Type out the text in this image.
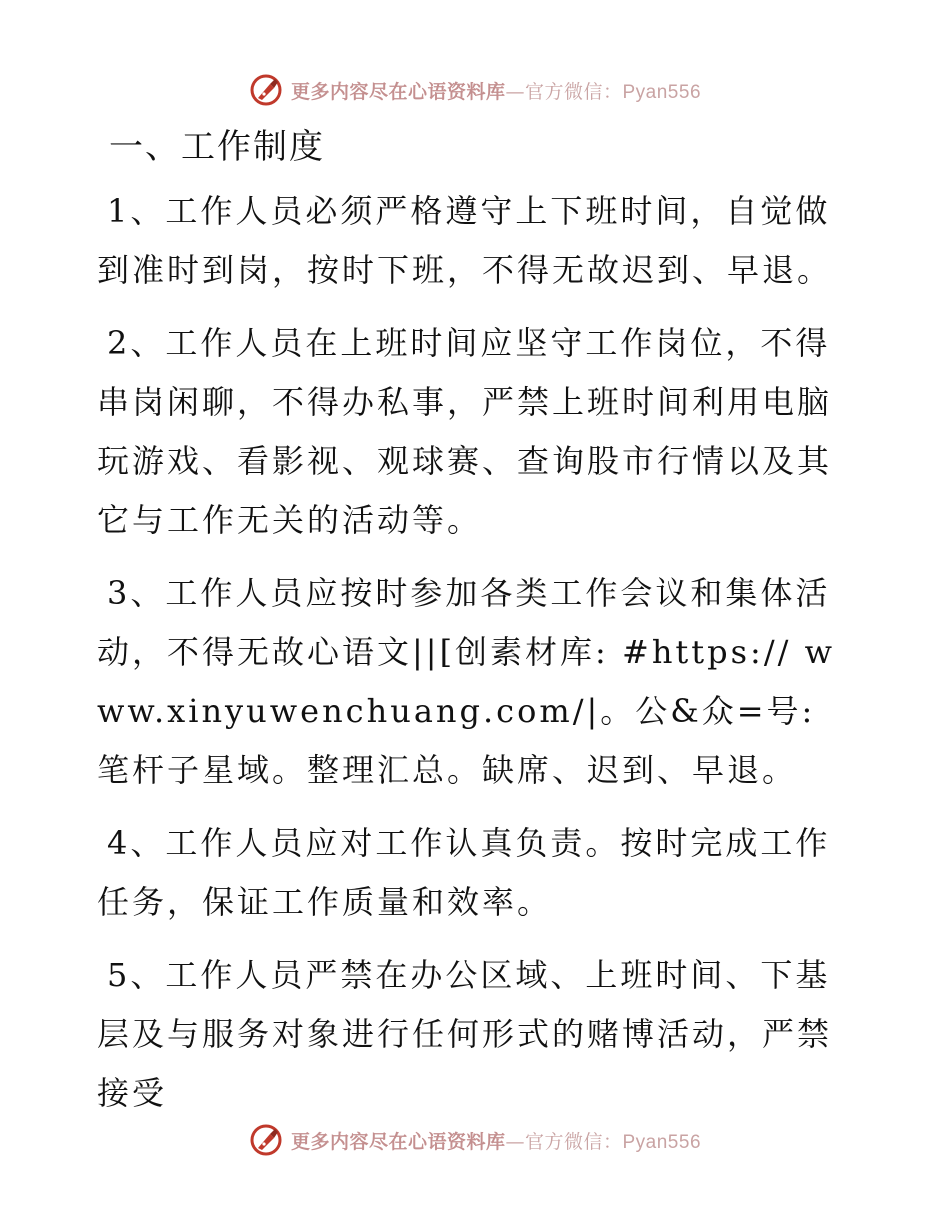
更多内容尽在心语资料库—官方微信：Pyan556
一、工作制度

1、工作人员必须严格遵守上下班时间，自觉做到准时到岗，按时下班，不得无故迟到、早退。

2、工作人员在上班时间应坚守工作岗位，不得串岗闲聊，不得办私事，严禁上班时间利用电脑玩游戏、看影视、观球赛、查询股市行情以及其它与工作无关的活动等。

3、工作人员应按时参加各类工作会议和集体活动，不得无故心语文||[创素材库: #https:// www.xinyuwenchuang.com/|。公&众=号: 笔杆子星域。整理汇总。缺席、迟到、早退。

4、工作人员应对工作认真负责。按时完成工作任务，保证工作质量和效率。

5、工作人员严禁在办公区域、上班时间、下基层及与服务对象进行任何形式的赌博活动，严禁接受

更多内容尽在心语资料库—官方微信：Pyan556
